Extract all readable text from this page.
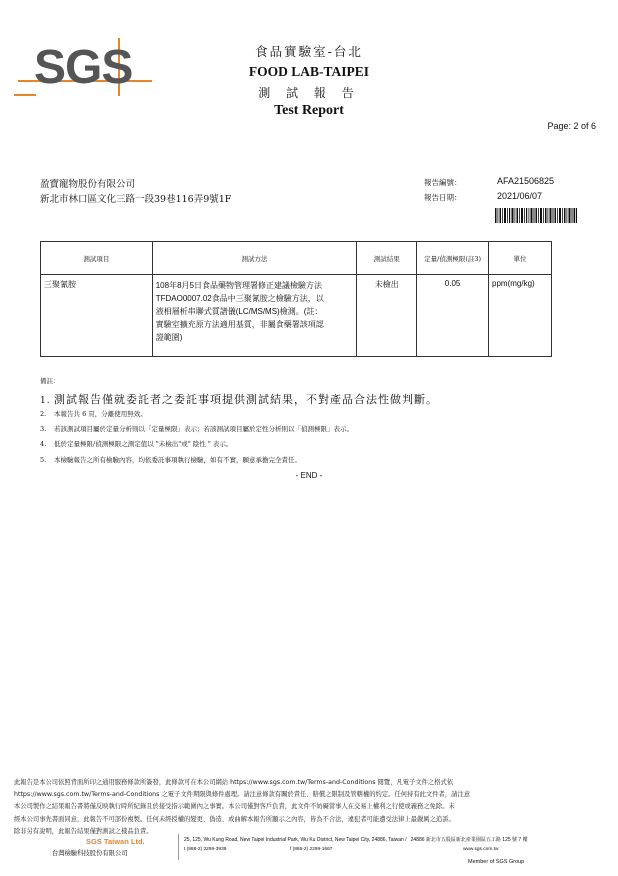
SGS	食品實驗室-台北
FOOD LAB-TAIPEI
測 試 報 告
Test Report
Page: 2 of 6
盈寶寵物股份有限公司
新北市林口區文化三路一段39巷116弄9號1F
報告編號：	AFA21506825
報告日期：	2021/06/07
測試項目	測試方法	測試結果	定量/偵測極限(註3)	單位
三聚氰胺	108年8月5日食品藥物管理署修正建議檢驗方法
TFDAO0007.02食品中三聚氰胺之檢驗方法，以
液相層析串聯式質譜儀(LC/MS/MS)檢測。(註：
實驗室擴充原方法適用基質，非屬食藥署該項認
證範圍)	未檢出	0.05	ppm(mg/kg)
備註：
1. 測試報告僅就委託者之委託事項提供測試結果，不對產品合法性做判斷。
2. 本報告共 6 頁，分離使用無效。
3. 若該測試項目屬於定量分析則以「定量極限」表示；若該測試項目屬於定性分析則以「偵測極限」表示。
4. 低於定量極限/偵測極限之測定值以 "未檢出"或" 陰性 " 表示。
5. 本檢驗報告之所有檢驗內容，均依委託事項執行檢驗，如有不實，願意承擔完全責任。
- END -
此報告是本公司依照背面所印之通用服務條款所簽發，此條款可在本公司網站 https://www.sgs.com.tw/Terms-and-Conditions 閱覽，凡電子文件之格式依
https://www.sgs.com.tw/Terms-and-Conditions 之電子文件期限與條件處理。請注意條款有關於責任、賠償之限制及管轄權的約定。任何持有此文件者，請注意
本公司製作之結果報告書將僅反映執行時所紀錄且於接受指示範圍內之事實。本公司僅對客戶負責，此文件不妨礙當事人在交易上權利之行使或義務之免除。未
經本公司事先書面同意，此報告不可部份複製。任何未經授權的變更、偽造、或曲解本報告所顯示之內容，皆為不合法，違犯者可能遭受法律上最嚴厲之追訴。
除非另有說明，此報告結果僅對測試之樣品負責。
SGS Taiwan Ltd.
台灣檢驗科技股份有限公司
25, 125, Wu Kung Road, New Taipei Industrial Park, Wu Ku District, New Taipei City, 24886, Taiwan / 24886 新北市五股區新北產業園區五工路 125 號 7 樓
t (886-2) 2299-3939	f (886-2) 2299-1667	www.sgs.com.tw
Member of SGS Group
